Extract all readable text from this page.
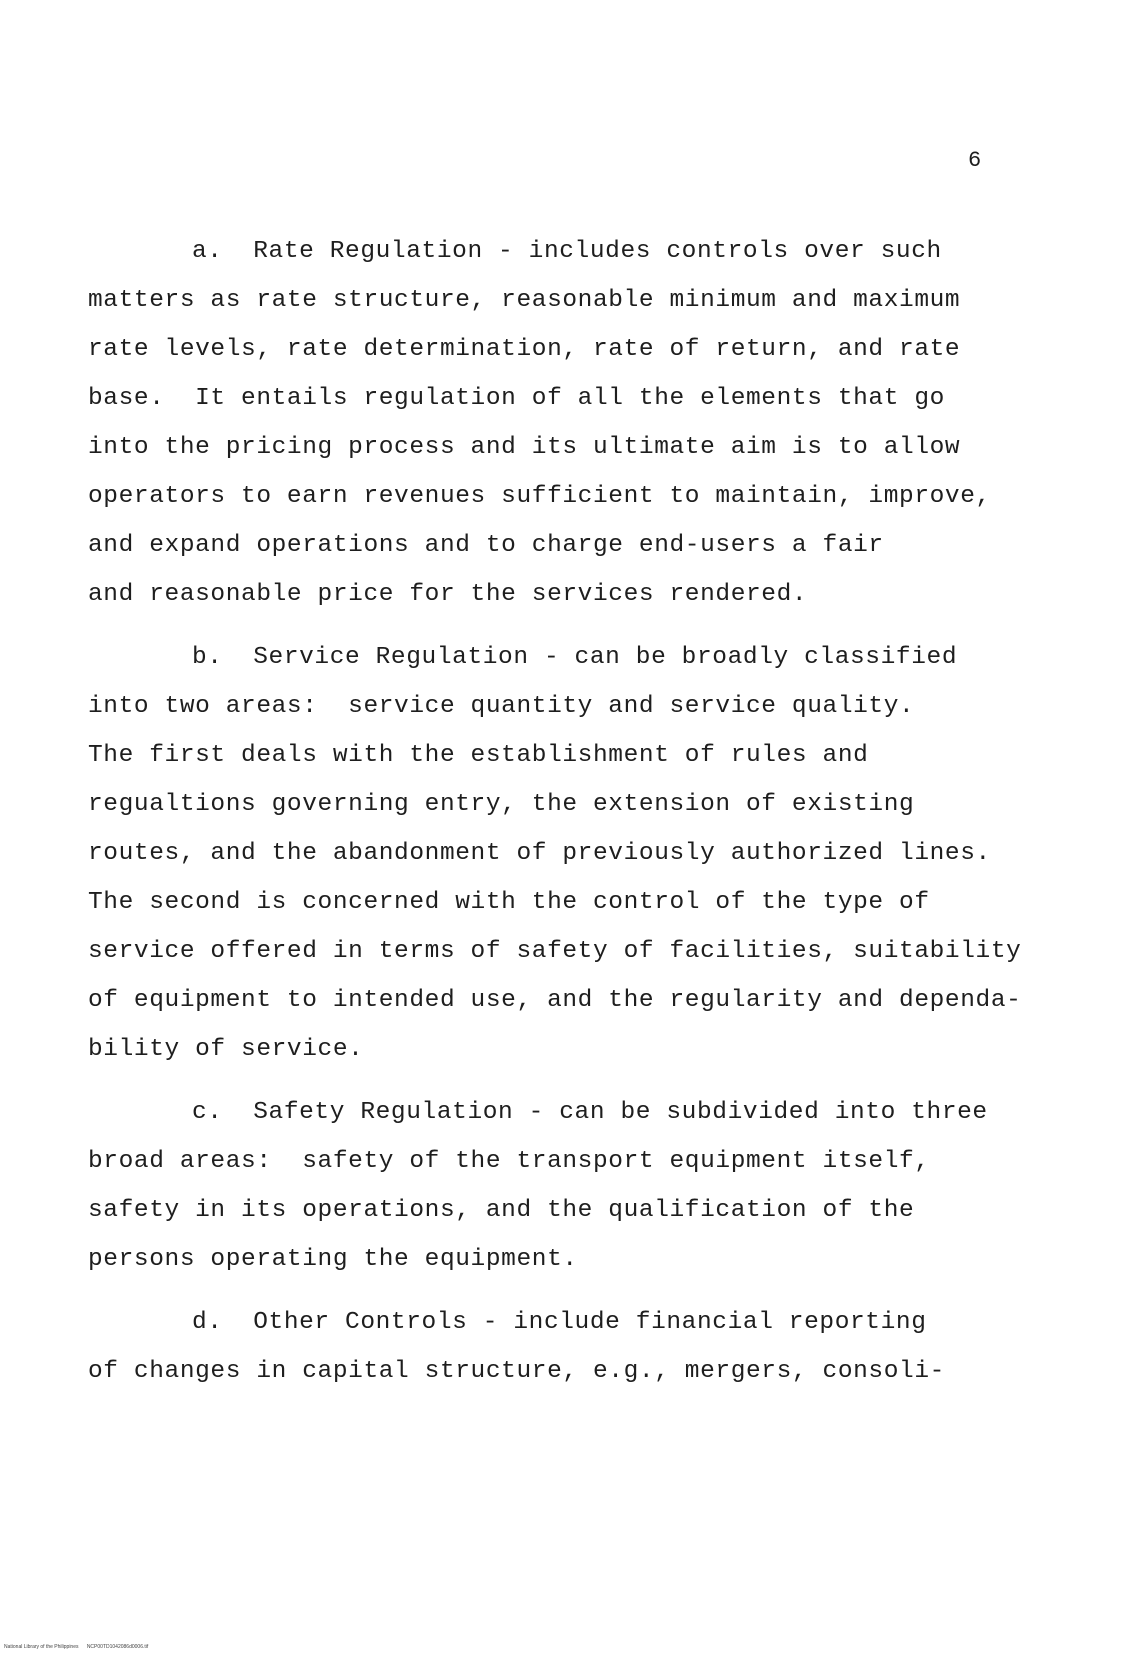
6
a.  Rate Regulation - includes controls over such
matters as rate structure, reasonable minimum and maximum
rate levels, rate determination, rate of return, and rate
base.  It entails regulation of all the elements that go
into the pricing process and its ultimate aim is to allow
operators to earn revenues sufficient to maintain, improve,
and expand operations and to charge end-users a fair
and reasonable price for the services rendered.
b.  Service Regulation - can be broadly classified
into two areas:  service quantity and service quality.
The first deals with the establishment of rules and
regualtions governing entry, the extension of existing
routes, and the abandonment of previously authorized lines.
The second is concerned with the control of the type of
service offered in terms of safety of facilities, suitability
of equipment to intended use, and the regularity and dependa-
bility of service.
c.  Safety Regulation - can be subdivided into three
broad areas:  safety of the transport equipment itself,
safety in its operations, and the qualification of the
persons operating the equipment.
d.  Other Controls - include financial reporting
of changes in capital structure, e.g., mergers, consoli-
National Library of the Philippines      NCP00TD1042086d0006.tif
